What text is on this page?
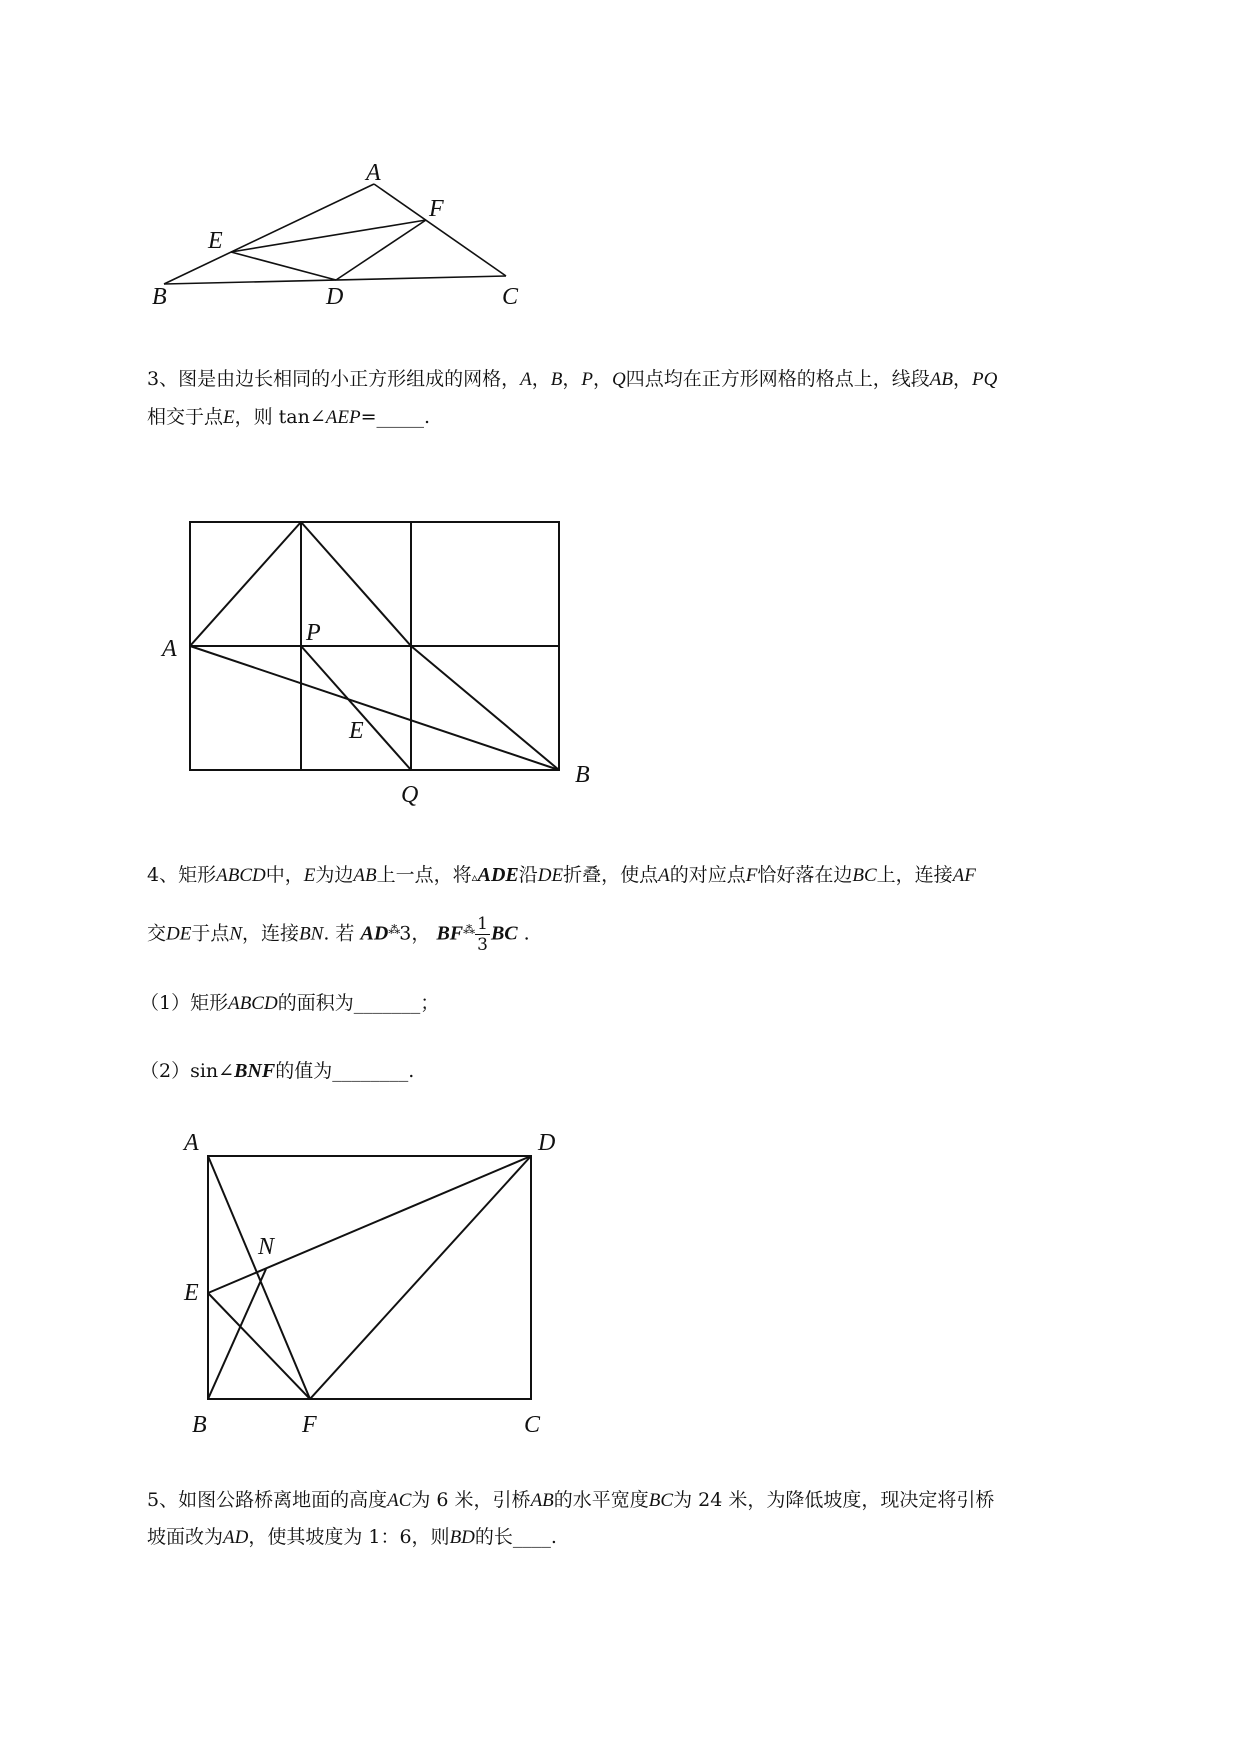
A
B	C
D
E
F
3、图是由边长相同的小正方形组成的网格，A，B，P，Q四点均在正方形网格的格点上，线段AB，PQ
相交于点E，则 tan∠AEP=_____.
A
P
E
B
Q
4、矩形ABCD中，E为边AB上一点，将▵ADE沿DE折叠，使点A的对应点F恰好落在边BC上，连接AF
交DE于点N，连接BN. 若 AD⁂3， $BF^⁂ \frac{1}{3}$ BC .
（1）矩形ABCD的面积为_______；
（2）sin∠BNF的值为________.
A	D
N
E
B	F	C
5、如图公路桥离地面的高度AC为 6 米，引桥AB的水平宽度BC为 24 米，为降低坡度，现决定将引桥
坡面改为AD，使其坡度为 1：6，则BD的长____.
